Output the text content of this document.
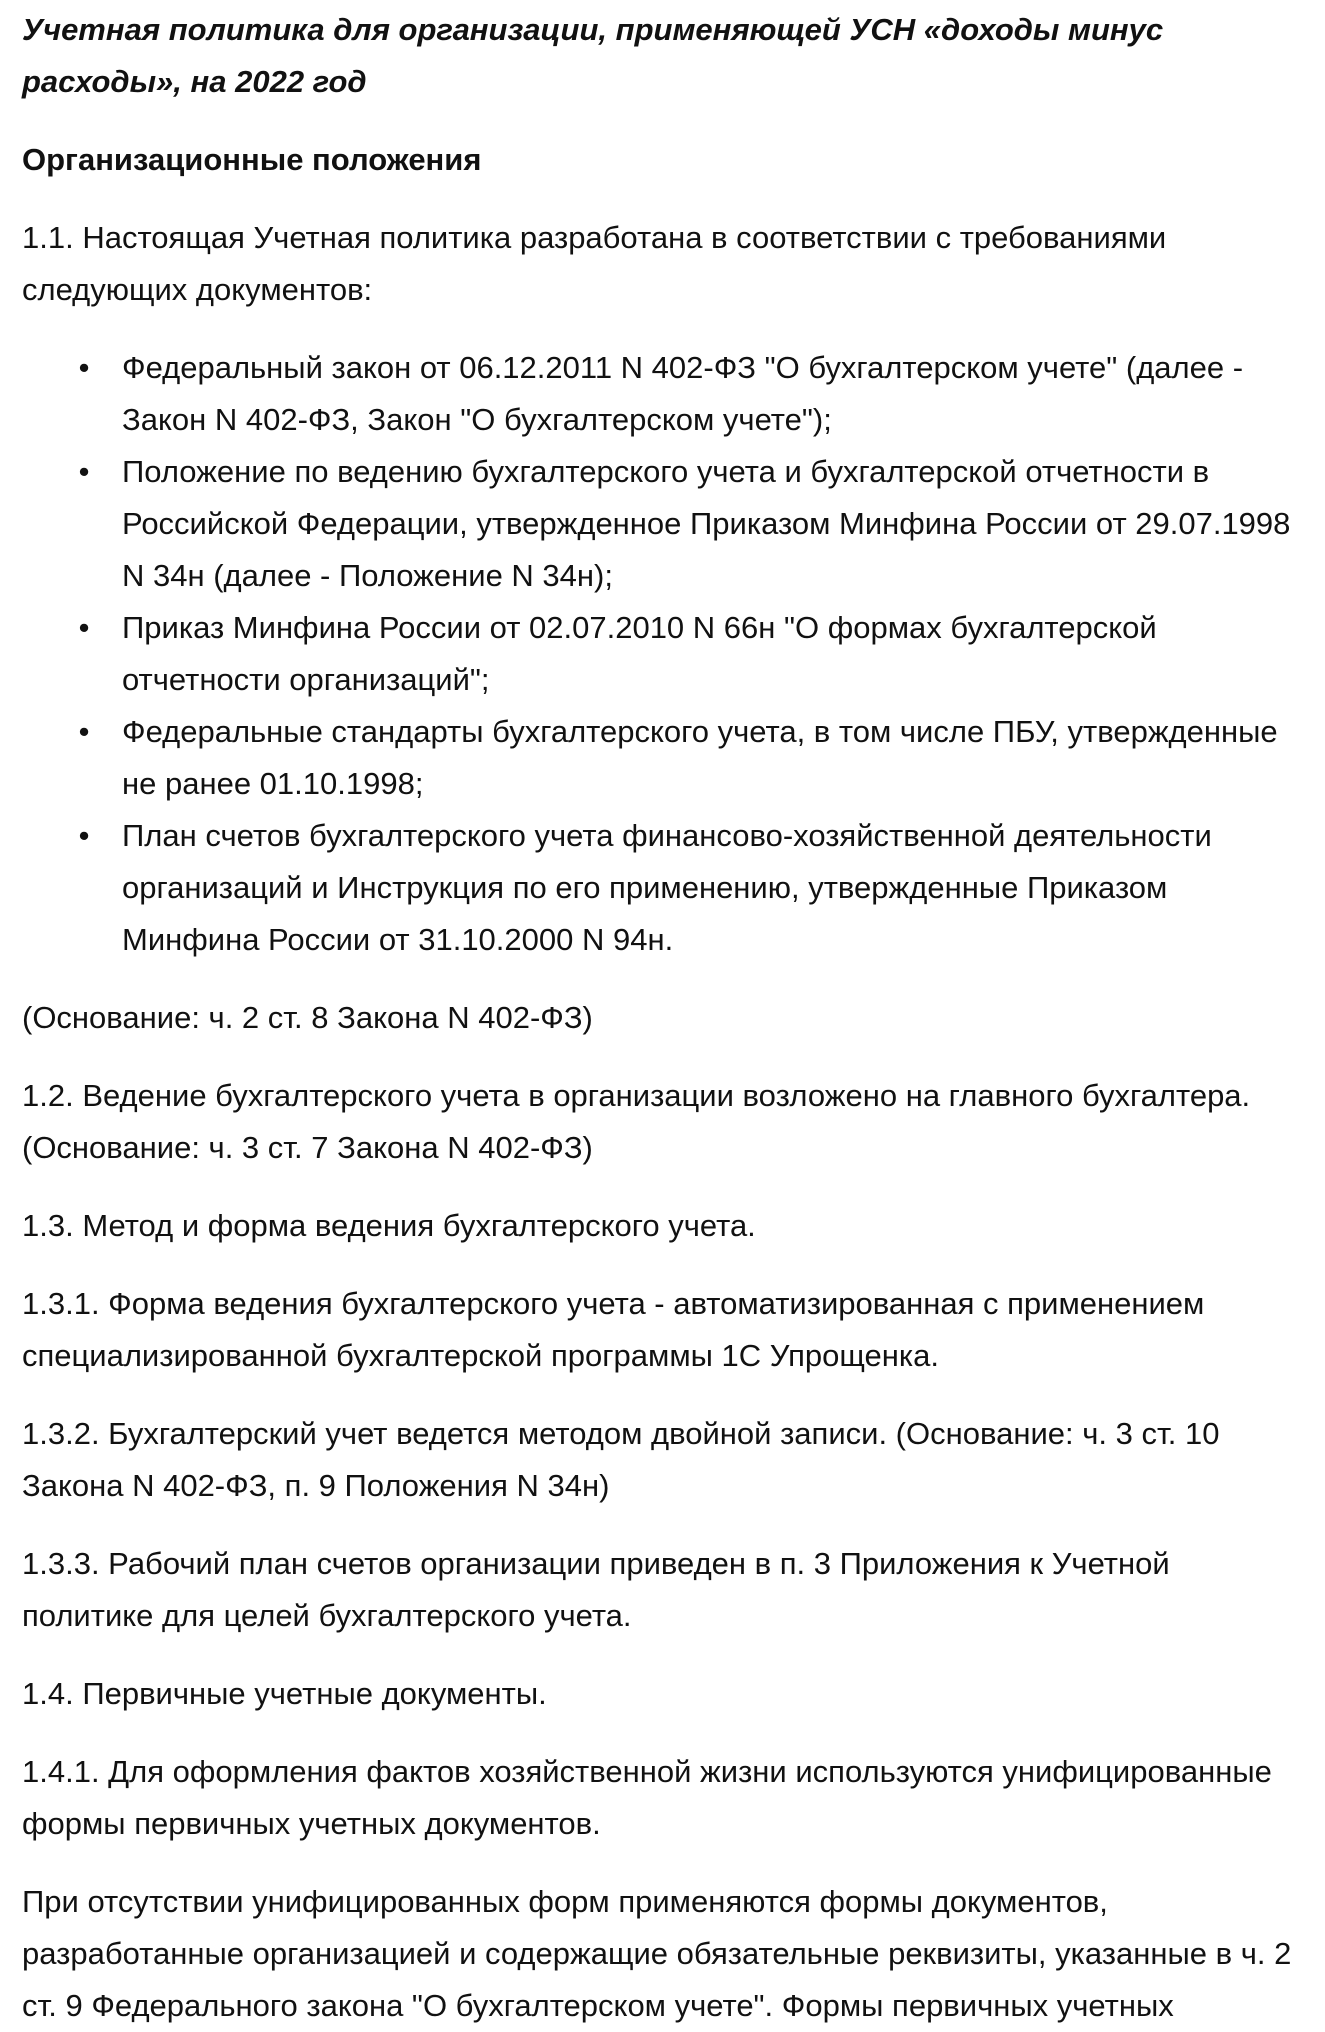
Учетная политика для организации, применяющей УСН «доходы минус расходы», на 2022 год
Организационные положения

1.1. Настоящая Учетная политика разработана в соответствии с требованиями следующих документов:

• Федеральный закон от 06.12.2011 N 402-ФЗ "О бухгалтерском учете" (далее - Закон N 402-ФЗ, Закон "О бухгалтерском учете");
• Положение по ведению бухгалтерского учета и бухгалтерской отчетности в Российской Федерации, утвержденное Приказом Минфина России от 29.07.1998 N 34н (далее - Положение N 34н);
• Приказ Минфина России от 02.07.2010 N 66н "О формах бухгалтерской отчетности организаций";
• Федеральные стандарты бухгалтерского учета, в том числе ПБУ, утвержденные не ранее 01.10.1998;
• План счетов бухгалтерского учета финансово-хозяйственной деятельности организаций и Инструкция по его применению, утвержденные Приказом Минфина России от 31.10.2000 N 94н.

(Основание: ч. 2 ст. 8 Закона N 402-ФЗ)

1.2. Ведение бухгалтерского учета в организации возложено на главного бухгалтера. (Основание: ч. 3 ст. 7 Закона N 402-ФЗ)

1.3. Метод и форма ведения бухгалтерского учета.

1.3.1. Форма ведения бухгалтерского учета - автоматизированная с применением специализированной бухгалтерской программы 1С Упрощенка.

1.3.2. Бухгалтерский учет ведется методом двойной записи. (Основание: ч. 3 ст. 10 Закона N 402-ФЗ, п. 9 Положения N 34н)

1.3.3. Рабочий план счетов организации приведен в п. 3 Приложения к Учетной политике для целей бухгалтерского учета.

1.4. Первичные учетные документы.

1.4.1. Для оформления фактов хозяйственной жизни используются унифицированные формы первичных учетных документов.

При отсутствии унифицированных форм применяются формы документов, разработанные организацией и содержащие обязательные реквизиты, указанные в ч. 2 ст. 9 Федерального закона "О бухгалтерском учете". Формы первичных учетных
